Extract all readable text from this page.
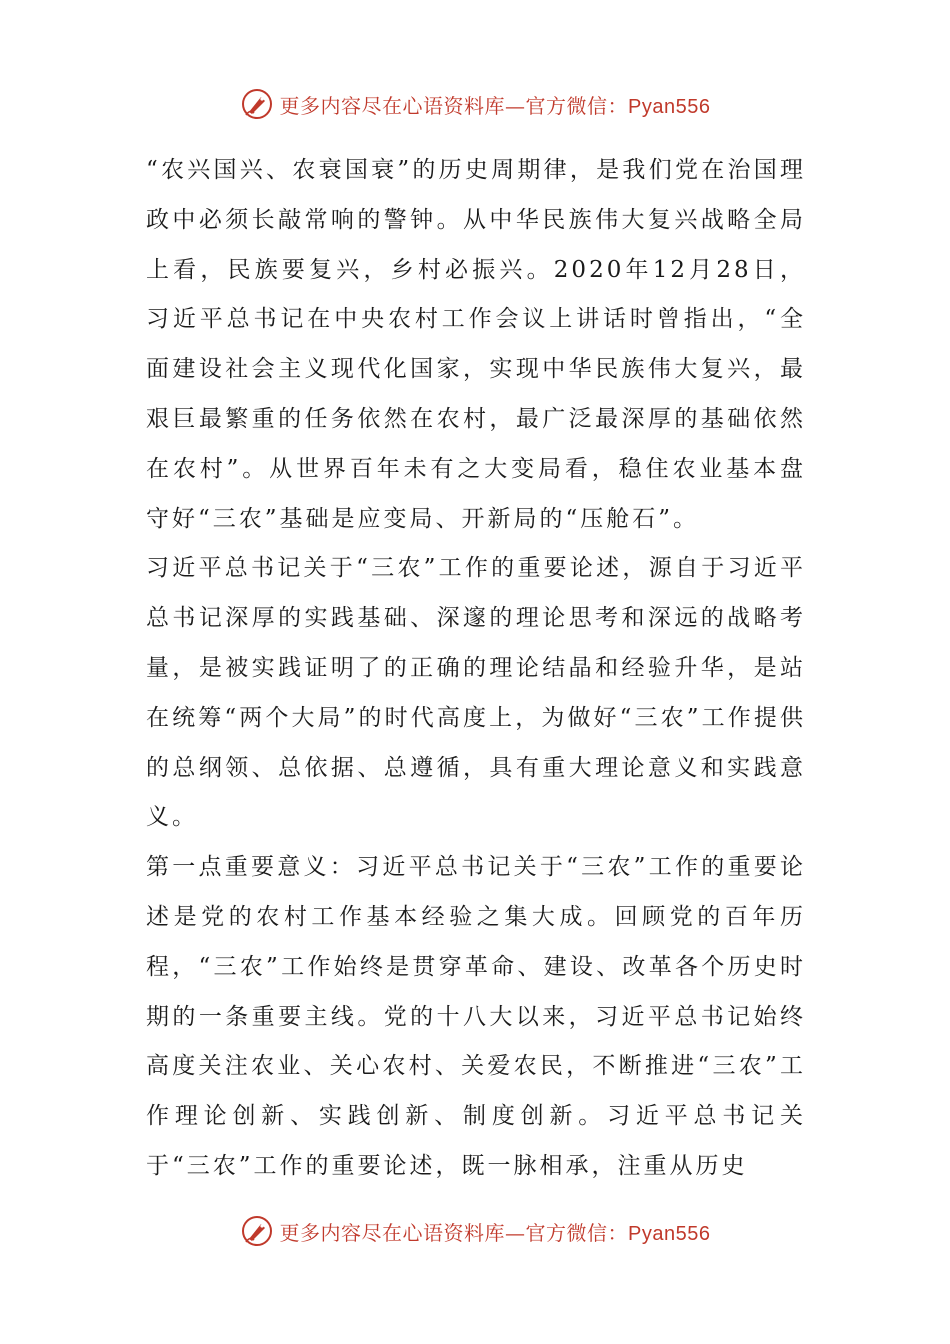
更多内容尽在心语资料库—官方微信：Pyan556

“农兴国兴、农衰国衰”的历史周期律，是我们党在治国理政中必须长敲常响的警钟。从中华民族伟大复兴战略全局上看，民族要复兴，乡村必振兴。2020年12月28日，习近平总书记在中央农村工作会议上讲话时曾指出，“全面建设社会主义现代化国家，实现中华民族伟大复兴，最艰巨最繁重的任务依然在农村，最广泛最深厚的基础依然在农村”。从世界百年未有之大变局看，稳住农业基本盘守好“三农”基础是应变局、开新局的“压舱石”。

习近平总书记关于“三农”工作的重要论述，源自于习近平总书记深厚的实践基础、深邃的理论思考和深远的战略考量，是被实践证明了的正确的理论结晶和经验升华，是站在统筹“两个大局”的时代高度上，为做好“三农”工作提供的总纲领、总依据、总遵循，具有重大理论意义和实践意义。

第一点重要意义：习近平总书记关于“三农”工作的重要论述是党的农村工作基本经验之集大成。回顾党的百年历程，“三农”工作始终是贯穿革命、建设、改革各个历史时期的一条重要主线。党的十八大以来，习近平总书记始终高度关注农业、关心农村、关爱农民，不断推进“三农”工作理论创新、实践创新、制度创新。习近平总书记关于“三农”工作的重要论述，既一脉相承，注重从历史

更多内容尽在心语资料库—官方微信：Pyan556
